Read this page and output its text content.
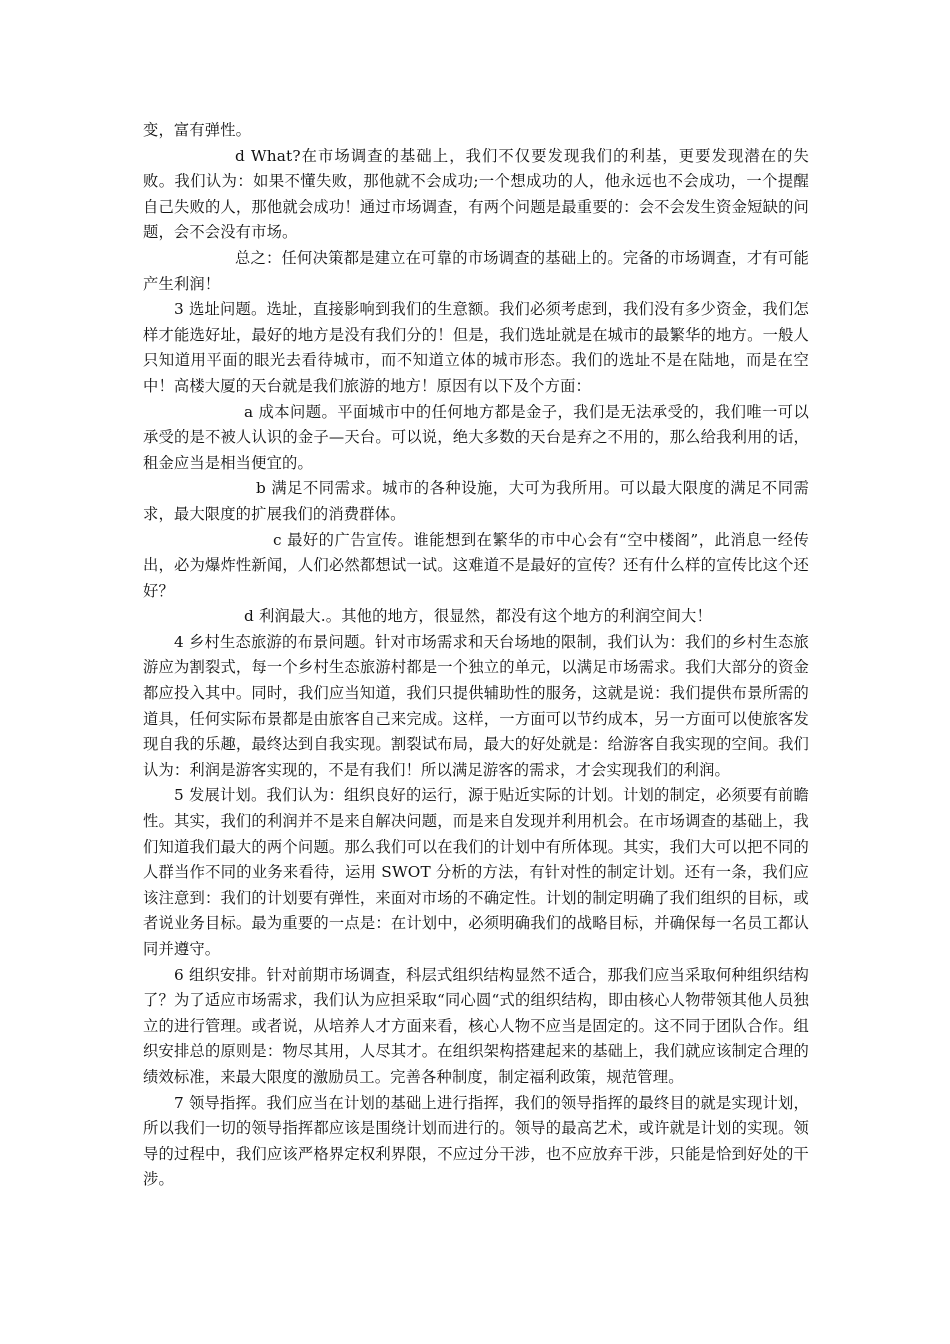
变，富有弹性。

d What?在市场调查的基础上，我们不仅要发现我们的利基，更要发现潜在的失败。我们认为：如果不懂失败，那他就不会成功;一个想成功的人，他永远也不会成功，一个提醒自己失败的人，那他就会成功！通过市场调查，有两个问题是最重要的：会不会发生资金短缺的问题，会不会没有市场。

总之：任何决策都是建立在可靠的市场调查的基础上的。完备的市场调查，才有可能产生利润！

3 选址问题。选址，直接影响到我们的生意额。我们必须考虑到，我们没有多少资金，我们怎样才能选好址，最好的地方是没有我们分的！但是，我们选址就是在城市的最繁华的地方。一般人只知道用平面的眼光去看待城市，而不知道立体的城市形态。我们的选址不是在陆地，而是在空中！高楼大厦的天台就是我们旅游的地方！原因有以下及个方面：

a 成本问题。平面城市中的任何地方都是金子，我们是无法承受的，我们唯一可以承受的是不被人认识的金子—天台。可以说，绝大多数的天台是弃之不用的，那么给我利用的话，租金应当是相当便宜的。

b 满足不同需求。城市的各种设施，大可为我所用。可以最大限度的满足不同需求，最大限度的扩展我们的消费群体。

c 最好的广告宣传。谁能想到在繁华的市中心会有“空中楼阁”，此消息一经传出，必为爆炸性新闻，人们必然都想试一试。这难道不是最好的宣传？还有什么样的宣传比这个还好？

d 利润最大.。其他的地方，很显然，都没有这个地方的利润空间大！

4 乡村生态旅游的布景问题。针对市场需求和天台场地的限制，我们认为：我们的乡村生态旅游应为割裂式，每一个乡村生态旅游村都是一个独立的单元，以满足市场需求。我们大部分的资金都应投入其中。同时，我们应当知道，我们只提供辅助性的服务，这就是说：我们提供布景所需的道具，任何实际布景都是由旅客自己来完成。这样，一方面可以节约成本，另一方面可以使旅客发现自我的乐趣，最终达到自我实现。割裂试布局，最大的好处就是：给游客自我实现的空间。我们认为：利润是游客实现的，不是有我们！所以满足游客的需求，才会实现我们的利润。

5 发展计划。我们认为：组织良好的运行，源于贴近实际的计划。计划的制定，必须要有前瞻性。其实，我们的利润并不是来自解决问题，而是来自发现并利用机会。在市场调查的基础上，我们知道我们最大的两个问题。那么我们可以在我们的计划中有所体现。其实，我们大可以把不同的人群当作不同的业务来看待，运用 SWOT 分析的方法，有针对性的制定计划。还有一条，我们应该注意到：我们的计划要有弹性，来面对市场的不确定性。计划的制定明确了我们组织的目标，或者说业务目标。最为重要的一点是：在计划中，必须明确我们的战略目标，并确保每一名员工都认同并遵守。

6 组织安排。针对前期市场调查，科层式组织结构显然不适合，那我们应当采取何种组织结构了？为了适应市场需求，我们认为应担采取“同心圆“式的组织结构，即由核心人物带领其他人员独立的进行管理。或者说，从培养人才方面来看，核心人物不应当是固定的。这不同于团队合作。组织安排总的原则是：物尽其用，人尽其才。在组织架构搭建起来的基础上，我们就应该制定合理的绩效标准，来最大限度的激励员工。完善各种制度，制定福利政策，规范管理。

7 领导指挥。我们应当在计划的基础上进行指挥，我们的领导指挥的最终目的就是实现计划，所以我们一切的领导指挥都应该是围绕计划而进行的。领导的最高艺术，或许就是计划的实现。领导的过程中，我们应该严格界定权利界限，不应过分干涉，也不应放弃干涉，只能是恰到好处的干涉。
